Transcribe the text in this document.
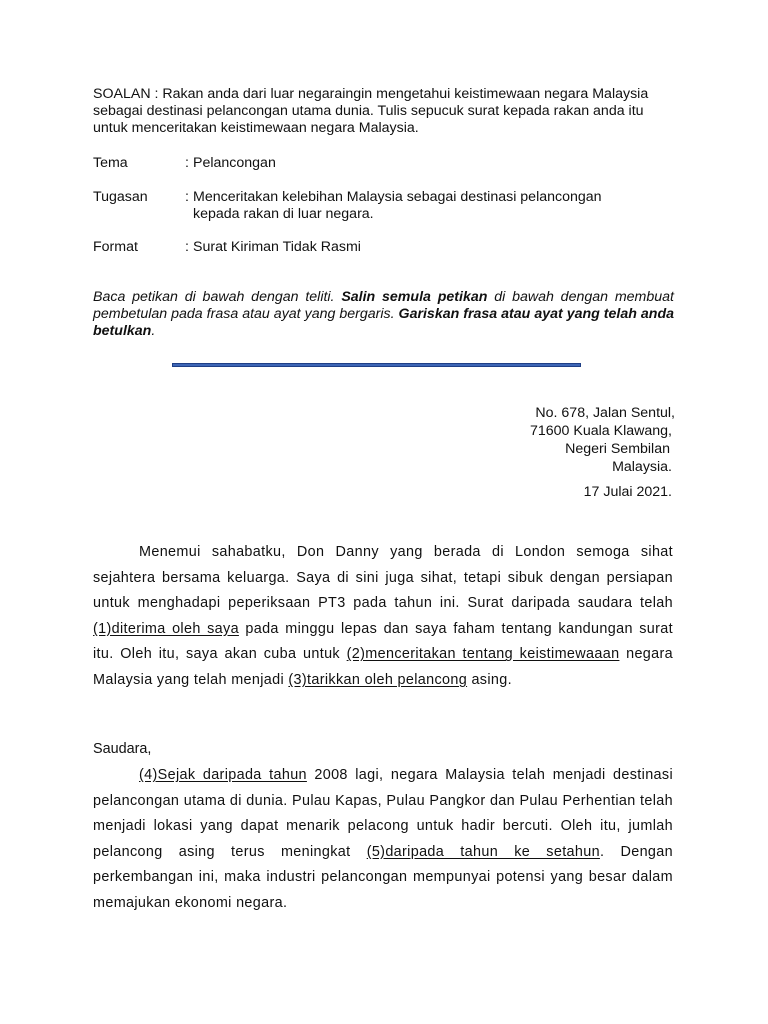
SOALAN : Rakan anda dari luar negaraingin mengetahui keistimewaan negara Malaysia sebagai destinasi pelancongan utama dunia. Tulis sepucuk surat kepada rakan anda itu untuk menceritakan keistimewaan negara Malaysia.
Tema	: Pelancongan
Tugasan	: Menceritakan kelebihan Malaysia sebagai destinasi pelancongan
kepada rakan di luar negara.
Format	: Surat Kiriman Tidak Rasmi
Baca petikan di bawah dengan teliti. Salin semula petikan di bawah dengan membuat pembetulan pada frasa atau ayat yang bergaris. Gariskan frasa atau ayat yang telah anda betulkan.
No. 678, Jalan Sentul,
71600 Kuala Klawang,
Negeri Sembilan
Malaysia.
17 Julai 2021.
Menemui sahabatku, Don Danny yang berada di London semoga sihat sejahtera bersama keluarga. Saya di sini juga sihat, tetapi sibuk dengan persiapan untuk menghadapi peperiksaan PT3 pada tahun ini. Surat daripada saudara telah (1)diterima oleh saya pada minggu lepas dan saya faham tentang kandungan surat itu. Oleh itu, saya akan cuba untuk (2)menceritakan tentang keistimewaaan negara Malaysia yang telah menjadi (3)tarikkan oleh pelancong asing.
Saudara,
(4)Sejak daripada tahun 2008 lagi, negara Malaysia telah menjadi destinasi pelancongan utama di dunia. Pulau Kapas, Pulau Pangkor dan Pulau Perhentian telah menjadi lokasi yang dapat menarik pelacong untuk hadir bercuti. Oleh itu, jumlah pelancong asing terus meningkat (5)daripada tahun ke setahun. Dengan perkembangan ini, maka industri pelancongan mempunyai potensi yang besar dalam memajukan ekonomi negara.
